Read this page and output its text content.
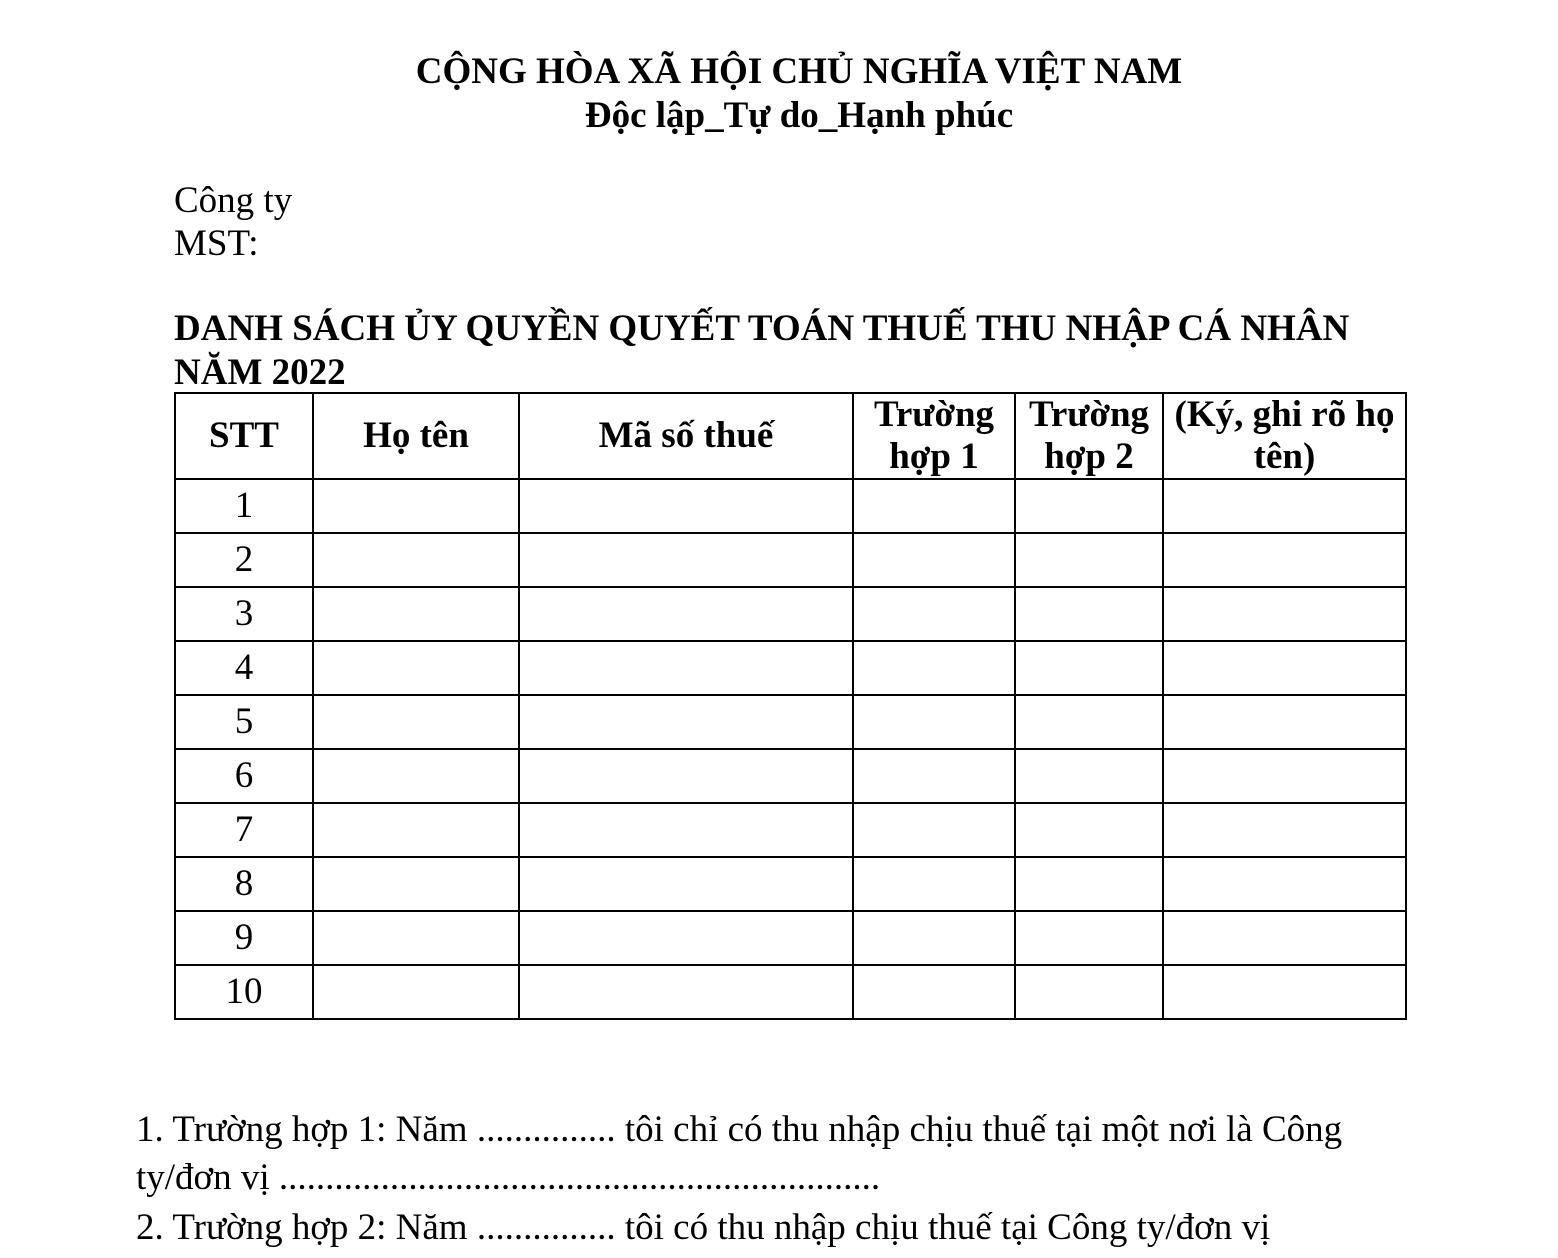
CỘNG HÒA XÃ HỘI CHỦ NGHĨA VIỆT NAM
Độc lập_Tự do_Hạnh phúc
Công ty
MST:
DANH SÁCH ỦY QUYỀN QUYẾT TOÁN THUẾ THU NHẬP CÁ NHÂN NĂM 2022
STT	Họ tên	Mã số thuế	Trường hợp 1	Trường hợp 2	(Ký, ghi rõ họ tên)
1					
2					
3					
4					
5					
6					
7					
8					
9					
10					
1. Trường hợp 1: Năm ............... tôi chỉ có thu nhập chịu thuế tại một nơi là Công
ty/đơn vị .................................................................
2. Trường hợp 2: Năm ............... tôi có thu nhập chịu thuế tại Công ty/đơn vị
